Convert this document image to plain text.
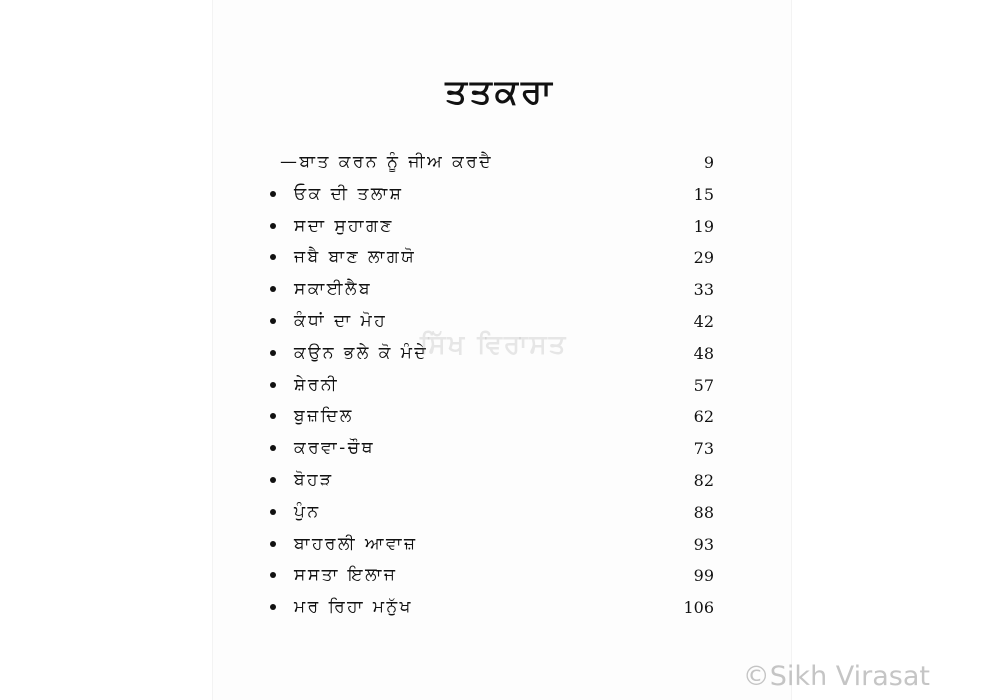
ਤਤਕਰਾ
—ਬਾਤ ਕਰਨ ਨੂੰ ਜੀਅ ਕਰਦੈ	9
ਓਕ ਦੀ ਤਲਾਸ਼	15
ਸਦਾ ਸੁਹਾਗਣ	19
ਜਬੈ ਬਾਣ ਲਾਗਯੋ	29
ਸਕਾਈਲੈਬ	33
ਕੰਧਾਂ ਦਾ ਮੋਹ	42
ਕਉਨ ਭਲੇ ਕੋ ਮੰਦੇ	48
ਸ਼ੇਰਨੀ	57
ਬੁਜ਼ਦਿਲ	62
ਕਰਵਾ-ਚੌਥ	73
ਬੋਹੜ	82
ਪੁੰਨ	88
ਬਾਹਰਲੀ ਆਵਾਜ਼	93
ਸਸਤਾ ਇਲਾਜ	99
ਮਰ ਰਿਹਾ ਮਨੁੱਖ	106
ਸਿੱਖ ਵਿਰਾਸਤ
©Sikh Virasat
